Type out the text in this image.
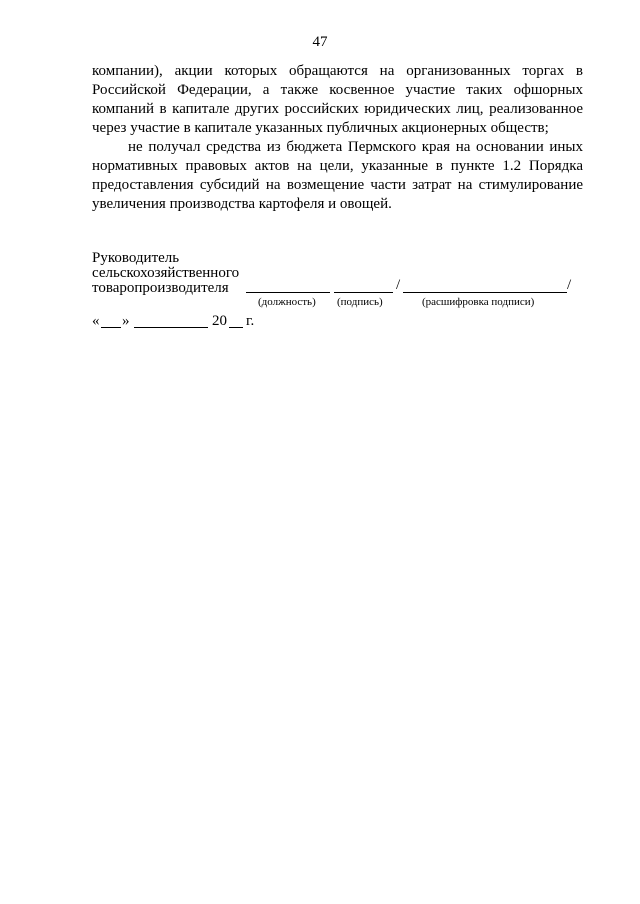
47
компании), акции которых обращаются на организованных торгах в Российской Федерации, а также косвенное участие таких офшорных компаний в капитале других российских юридических лиц, реализованное через участие в капитале указанных публичных акционерных обществ;
не получал средства из бюджета Пермского края на основании иных нормативных правовых актов на цели, указанные в пункте 1.2 Порядка предоставления субсидий на возмещение части затрат на стимулирование увеличения производства картофеля и овощей.
Руководитель
сельскохозяйственного
товаропроизводителя	/	/
(должность) (подпись)	(расшифровка подписи)
« »	20 г.
